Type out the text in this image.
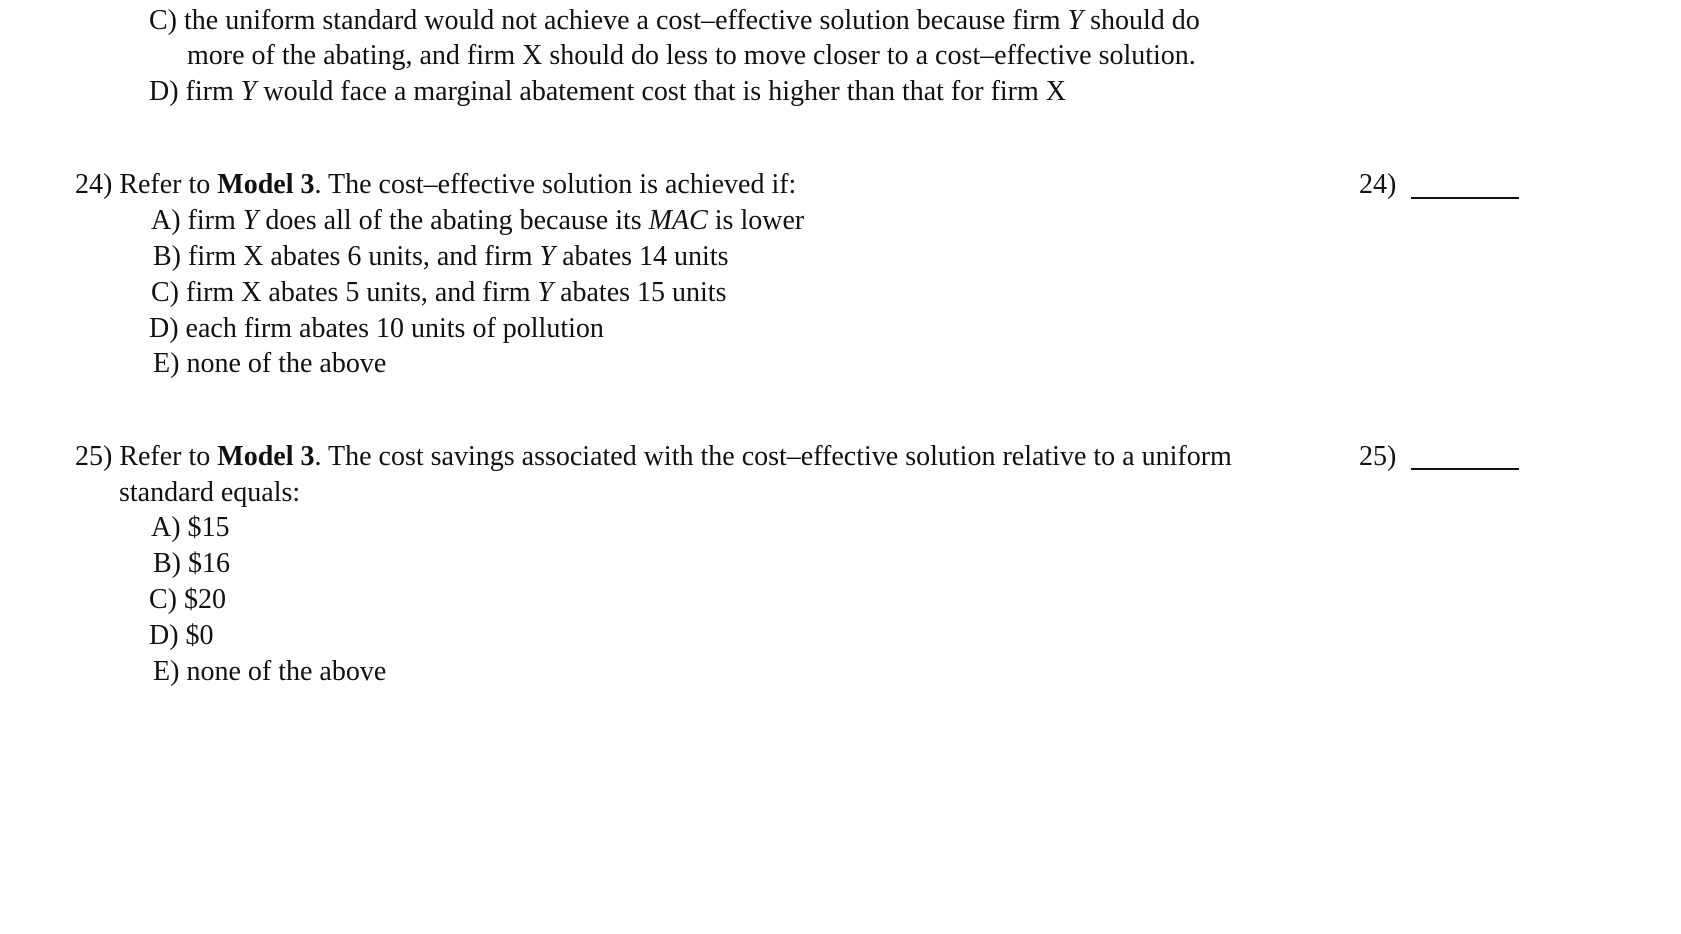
C) the uniform standard would not achieve a cost–effective solution because firm Y should do
more of the abating, and firm X should do less to move closer to a cost–effective solution.
D) firm Y would face a marginal abatement cost that is higher than that for firm X
24) Refer to Model 3. The cost–effective solution is achieved if:	24)
A) firm Y does all of the abating because its MAC is lower
B) firm X abates 6 units, and firm Y abates 14 units
C) firm X abates 5 units, and firm Y abates 15 units
D) each firm abates 10 units of pollution
E) none of the above
25) Refer to Model 3. The cost savings associated with the cost–effective solution relative to a uniform
standard equals:
25)
A) $15
B) $16
C) $20
D) $0
E) none of the above
